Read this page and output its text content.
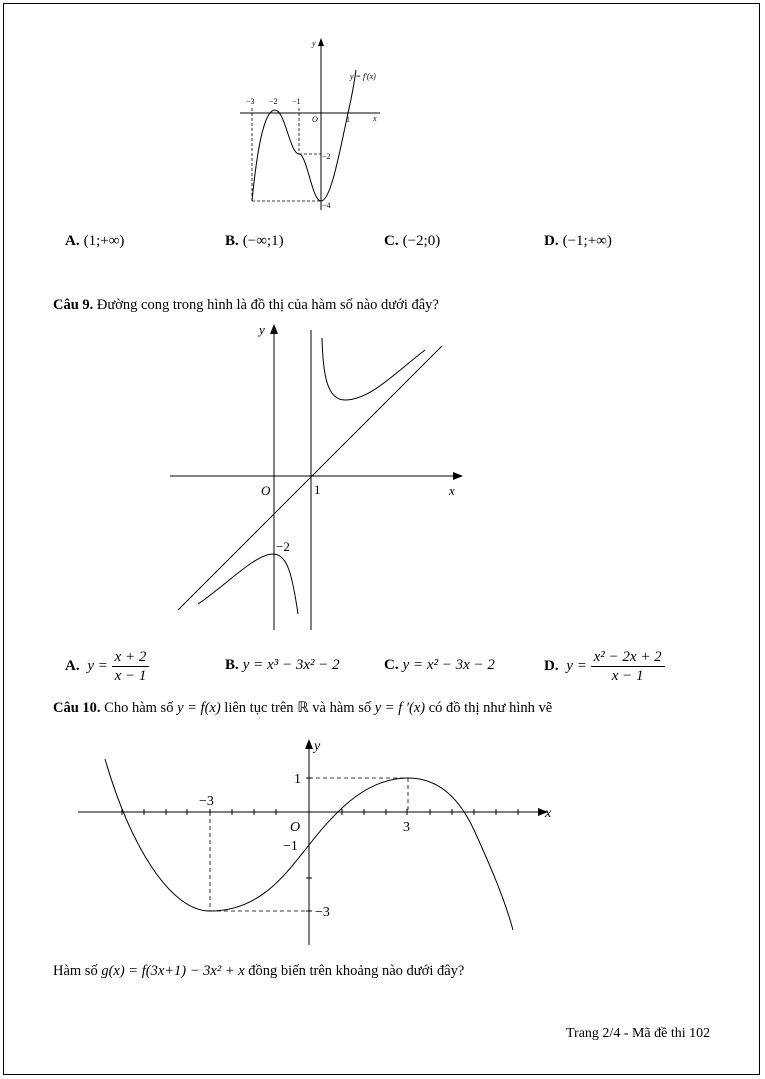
y
x
O
y = f′(x)
−3 −2 −1
1
−2
−4
A. (1;+∞)	B. (−∞;1)	C. (−2;0)	D. (−1;+∞)
Câu 9. Đường cong trong hình là đồ thị của hàm số nào dưới đây?
y
x
O	1
−2
A. $y = \frac{x + 2}{x - 1}$	B. y = x³ − 3x² − 2	C. y = x² − 3x − 2	D. $y = \frac{\text{x² − 2x + 2}}{x - 1}$
Câu 10. Cho hàm số y = f(x) liên tục trên ℝ và hàm số y = f ′(x) có đồ thị như hình vẽ
y
x
O
−3
3
1
−1
−3
Hàm số g(x) = f(3x+1) − 3x² + x đồng biến trên khoảng nào dưới đây?
Trang 2/4 - Mã đề thi 102
